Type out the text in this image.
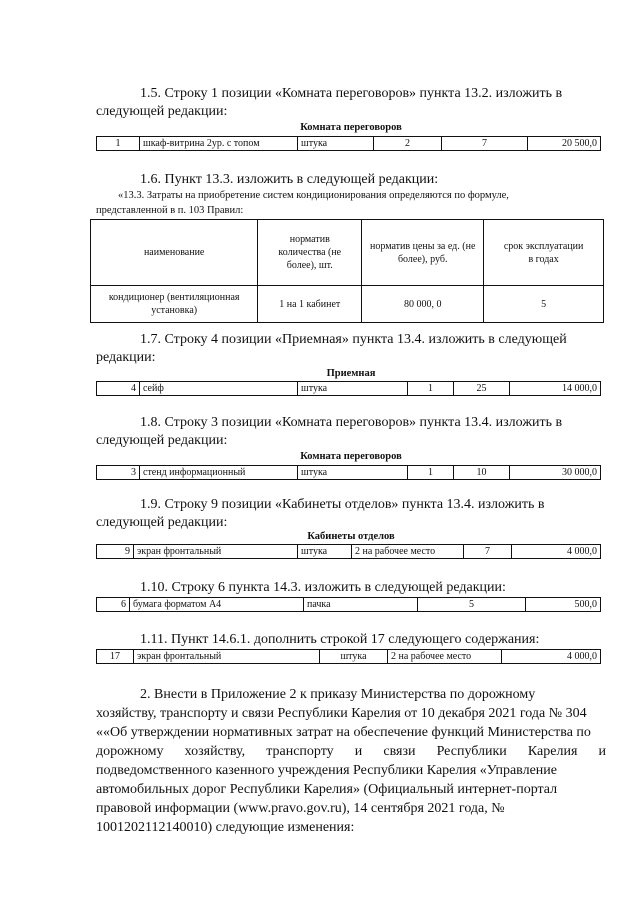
1.5. Строку 1 позиции «Комната переговоров» пункта 13.2. изложить в
следующей редакции:
Комната переговоров
1	шкаф-витрина 2ур. с топом	штука	2	7	20 500,0
1.6. Пункт 13.3. изложить в следующей редакции:
«13.3. Затраты на приобретение систем кондиционирования определяются по формуле,
представленной в п. 103 Правил:
наименование	норматив количества (не более), шт.	норматив цены за ед. (не более), руб.	срок эксплуатации в годах
кондиционер (вентиляционная установка)	1 на 1 кабинет	80 000, 0	5
1.7. Строку 4 позиции «Приемная» пункта 13.4. изложить в следующей
редакции:
Приемная
4 сейф	штука	1	25	14 000,0
1.8. Строку 3 позиции «Комната переговоров» пункта 13.4. изложить в
следующей редакции:
Комната переговоров
3 стенд информационный	штука	1	10	30 000,0
1.9. Строку 9 позиции «Кабинеты отделов» пункта 13.4. изложить в
следующей редакции:
Кабинеты отделов
9 экран фронтальный	штука	2 на рабочее место	7	4 000,0
1.10. Строку 6 пункта 14.3. изложить в следующей редакции:
6 бумага форматом А4	пачка	5	500,0
1.11. Пункт 14.6.1. дополнить строкой 17 следующего содержания:
17	экран фронтальный	штука	2 на рабочее место	4 000,0
2. Внести в Приложение 2 к приказу Министерства по дорожному
хозяйству, транспорту и связи Республики Карелия от 10 декабря 2021 года № 304
««Об утверждении нормативных затрат на обеспечение функций Министерства по
дорожному хозяйству, транспорту и связи Республики Карелия и
подведомственного казенного учреждения Республики Карелия «Управление
автомобильных дорог Республики Карелия» (Официальный интернет-портал
правовой информации (www.pravo.gov.ru), 14 сентября 2021 года, №
1001202112140010) следующие изменения:
